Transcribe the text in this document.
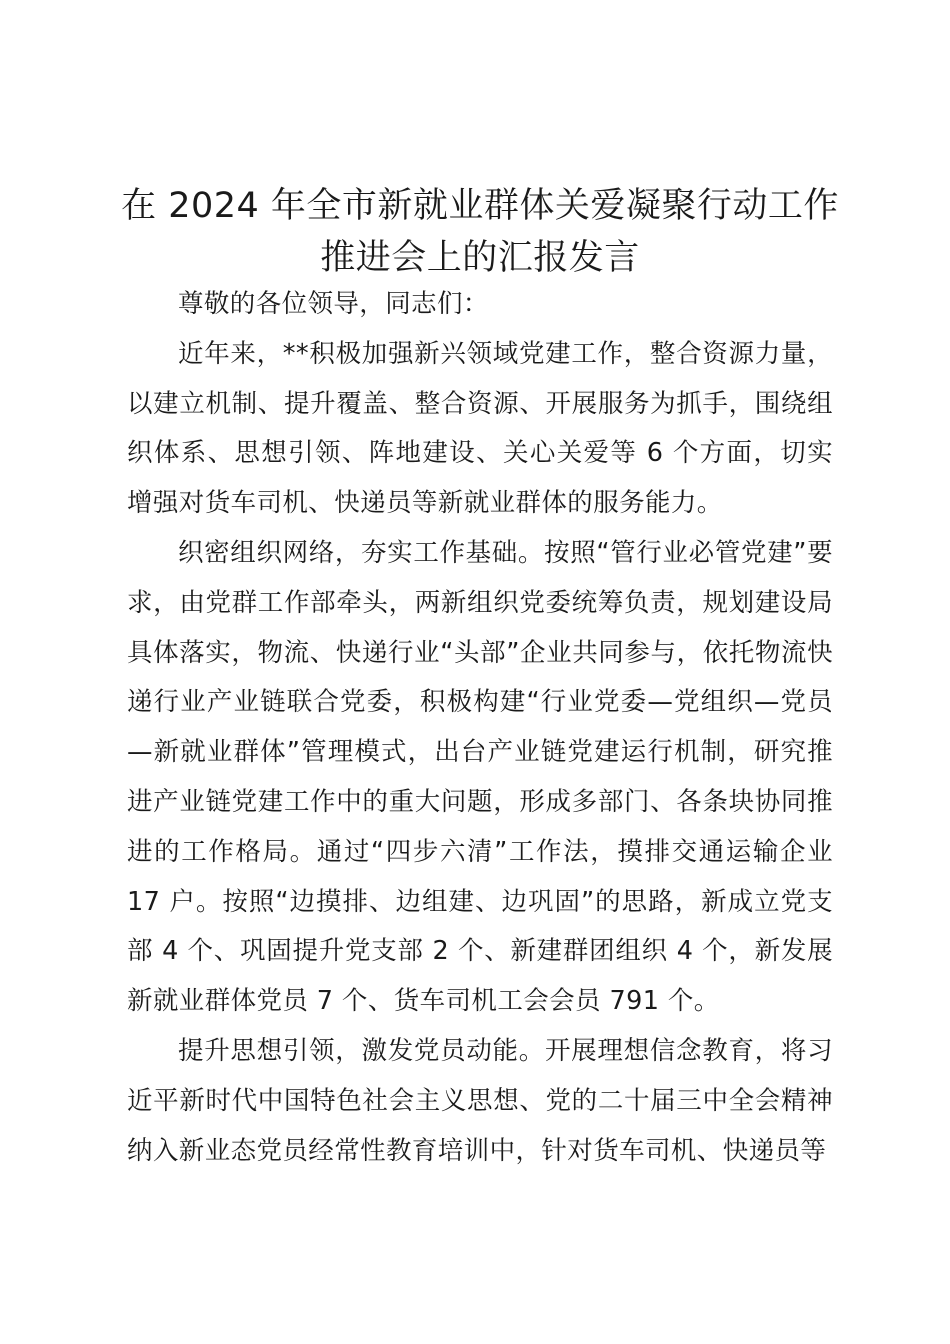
在 2024 年全市新就业群体关爱凝聚行动工作
推进会上的汇报发言

尊敬的各位领导，同志们：

近年来，**积极加强新兴领域党建工作，整合资源力量，以建立机制、提升覆盖、整合资源、开展服务为抓手，围绕组织体系、思想引领、阵地建设、关心关爱等 6 个方面，切实增强对货车司机、快递员等新就业群体的服务能力。

织密组织网络，夯实工作基础。按照“管行业必管党建”要求，由党群工作部牵头，两新组织党委统筹负责，规划建设局具体落实，物流、快递行业“头部”企业共同参与，依托物流快递行业产业链联合党委，积极构建“行业党委—党组织—党员—新就业群体”管理模式，出台产业链党建运行机制，研究推进产业链党建工作中的重大问题，形成多部门、各条块协同推进的工作格局。通过“四步六清”工作法，摸排交通运输企业 17 户。按照“边摸排、边组建、边巩固”的思路，新成立党支部 4 个、巩固提升党支部 2 个、新建群团组织 4 个，新发展新就业群体党员 7 个、货车司机工会会员 791 个。

提升思想引领，激发党员动能。开展理想信念教育，将习近平新时代中国特色社会主义思想、党的二十届三中全会精神纳入新业态党员经常性教育培训中，针对货车司机、快递员等
